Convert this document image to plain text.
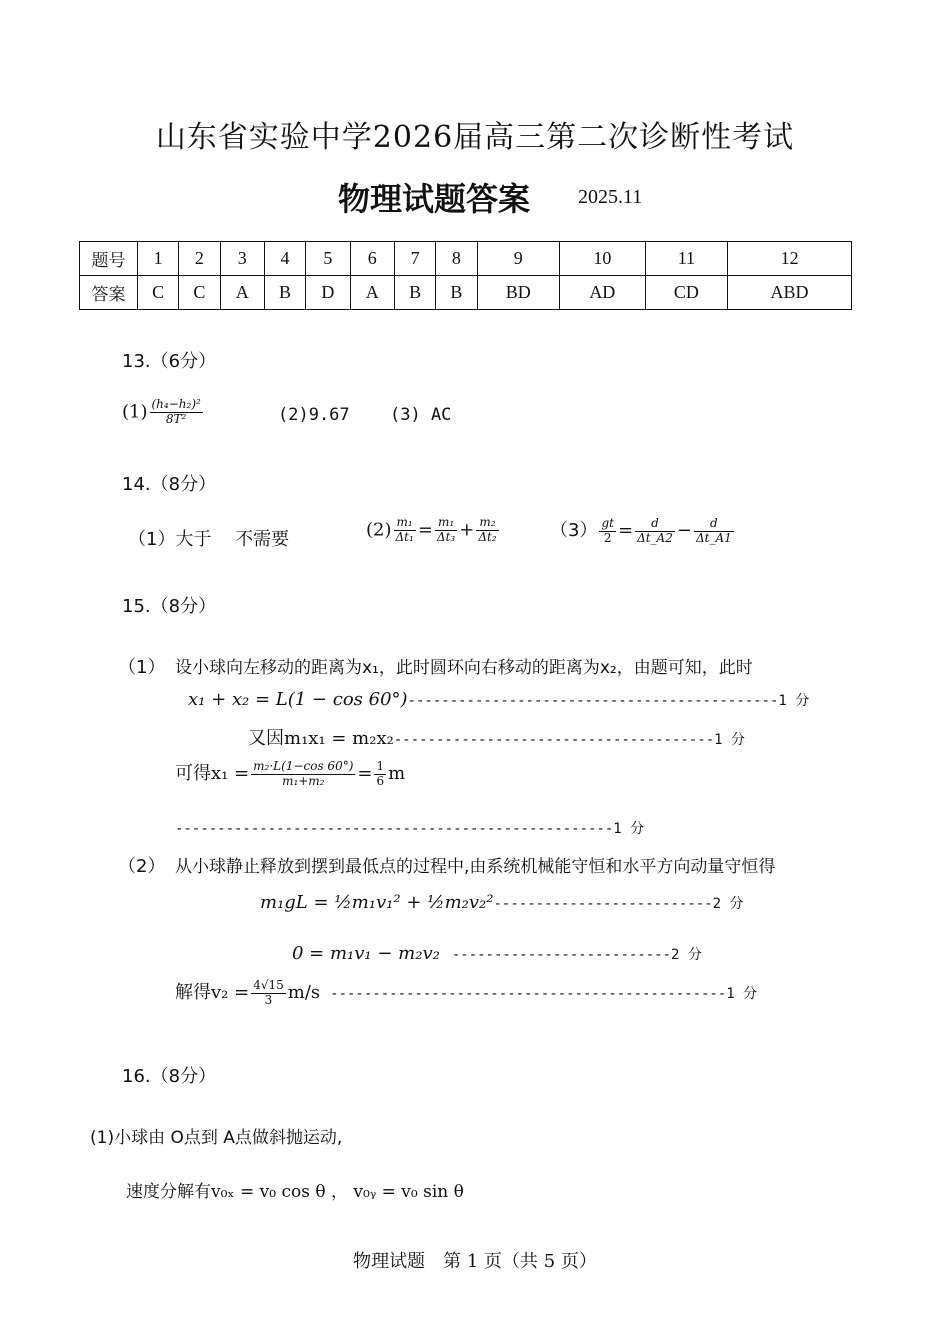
山东省实验中学2026届高三第二次诊断性考试
物理试题答案 2025.11
题号	1	2	3	4	5	6	7	8	9	10	11	12
答案	C	C	A	B	D	A	B	B	BD	AD	CD	ABD
13.（6分）
$(1) \frac{\text{(h₄−h₂)²}}{\text{8T²}}$	(2)9.67 (3) AC
14.（8分）
（1）大于　 不需要	$(2) \frac{\text{m₁}}{\text{Δt₁}} = \frac{\text{m₁}}{\text{Δt₃}} + \frac{\text{m₂}}{\text{Δt₂}}$	$(3) \frac{gt}{2} = \frac{d}{\Delta t\_A2} - \frac{d}{\Delta t\_A1}$
15.（8分）
（1） 设小球向左移动的距离为x₁，此时圆环向右移动的距离为x₂，由题可知，此时
x₁ + x₂ = L(1 − cos 60°)--------------------------------------------1 分
又因m₁x₁ = m₂x₂--------------------------------------1 分
可得$x_1 = \frac{\text{m₂·L(1−cos 60°)}}{\text{m₁+m₂}} = \frac{1}{6}$ m
----------------------------------------------------1 分
（2） 从小球静止释放到摆到最低点的过程中,由系统机械能守恒和水平方向动量守恒得
m₁gL = ½m₁v₁² + ½m₂v₂²--------------------------2 分
0 = m₁v₁ − m₂v₂ --------------------------2 分
解得$v_2 = \frac{4√15}{3} m/s$ -----------------------------------------------1 分
16.（8分）
(1)小球由 O点到 A点做斜抛运动,
速度分解有v₀ₓ = v₀ cos θ ， v₀ᵧ = v₀ sin θ
物理试题　第 1 页（共 5 页）
